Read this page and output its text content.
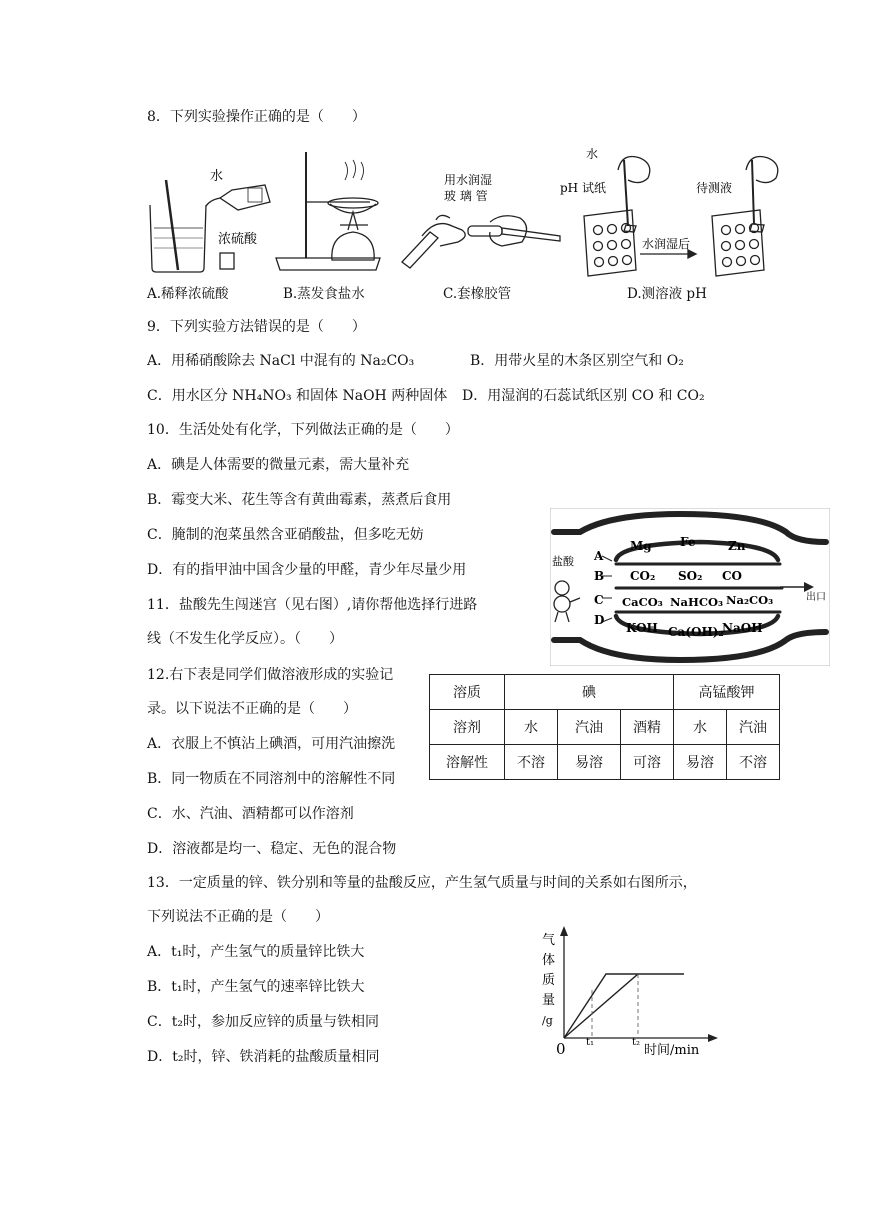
8．下列实验操作正确的是（　　）
水
浓硫酸
用水润湿
玻 璃 管
水
pH 试纸
水润湿后
待测液
A.稀释浓硫酸	B.蒸发食盐水	C.套橡胶管	D.测溶液 pH
9．下列实验方法错误的是（　　）
A．用稀硝酸除去 NaCl 中混有的 Na₂CO₃	B．用带火星的木条区别空气和 O₂
C．用水区分 NH₄NO₃ 和固体 NaOH 两种固体 D．用湿润的石蕊试纸区别 CO 和 CO₂
10．生活处处有化学，下列做法正确的是（　　）
A．碘是人体需要的微量元素，需大量补充
B．霉变大米、花生等含有黄曲霉素，蒸煮后食用
C．腌制的泡菜虽然含亚硝酸盐，但多吃无妨
D．有的指甲油中国含少量的甲醛，青少年尽量少用
盐酸
出口
A
Mg Fe	Zn
B CO₂ SO₂ CO
C CaCO₃ NaHCO₃ Na₂CO₃
D
KOH Ca(OH)₂
NaOH
11．盐酸先生闯迷宫（见右图）,请你帮他选择行进路
线（不发生化学反应）。（　　）
12.右下表是同学们做溶液形成的实验记
录。以下说法不正确的是（　　）
A．衣服上不慎沾上碘酒，可用汽油擦洗
B．同一物质在不同溶剂中的溶解性不同
C．水、汽油、酒精都可以作溶剂
D．溶液都是均一、稳定、无色的混合物
溶质	碘			高锰酸钾	
溶剂	水	汽油	酒精	水	汽油
溶解性	不溶	易溶	可溶	易溶	不溶
13．一定质量的锌、铁分别和等量的盐酸反应，产生氢气质量与时间的关系如右图所示，
下列说法不正确的是（　　）
A．t₁时，产生氢气的质量锌比铁大
B．t₁时，产生氢气的速率锌比铁大
C．t₂时，参加反应锌的质量与铁相同
D．t₂时，锌、铁消耗的盐酸质量相同
气
体
质
量
/g
0 t₁	t₂
时间/min
